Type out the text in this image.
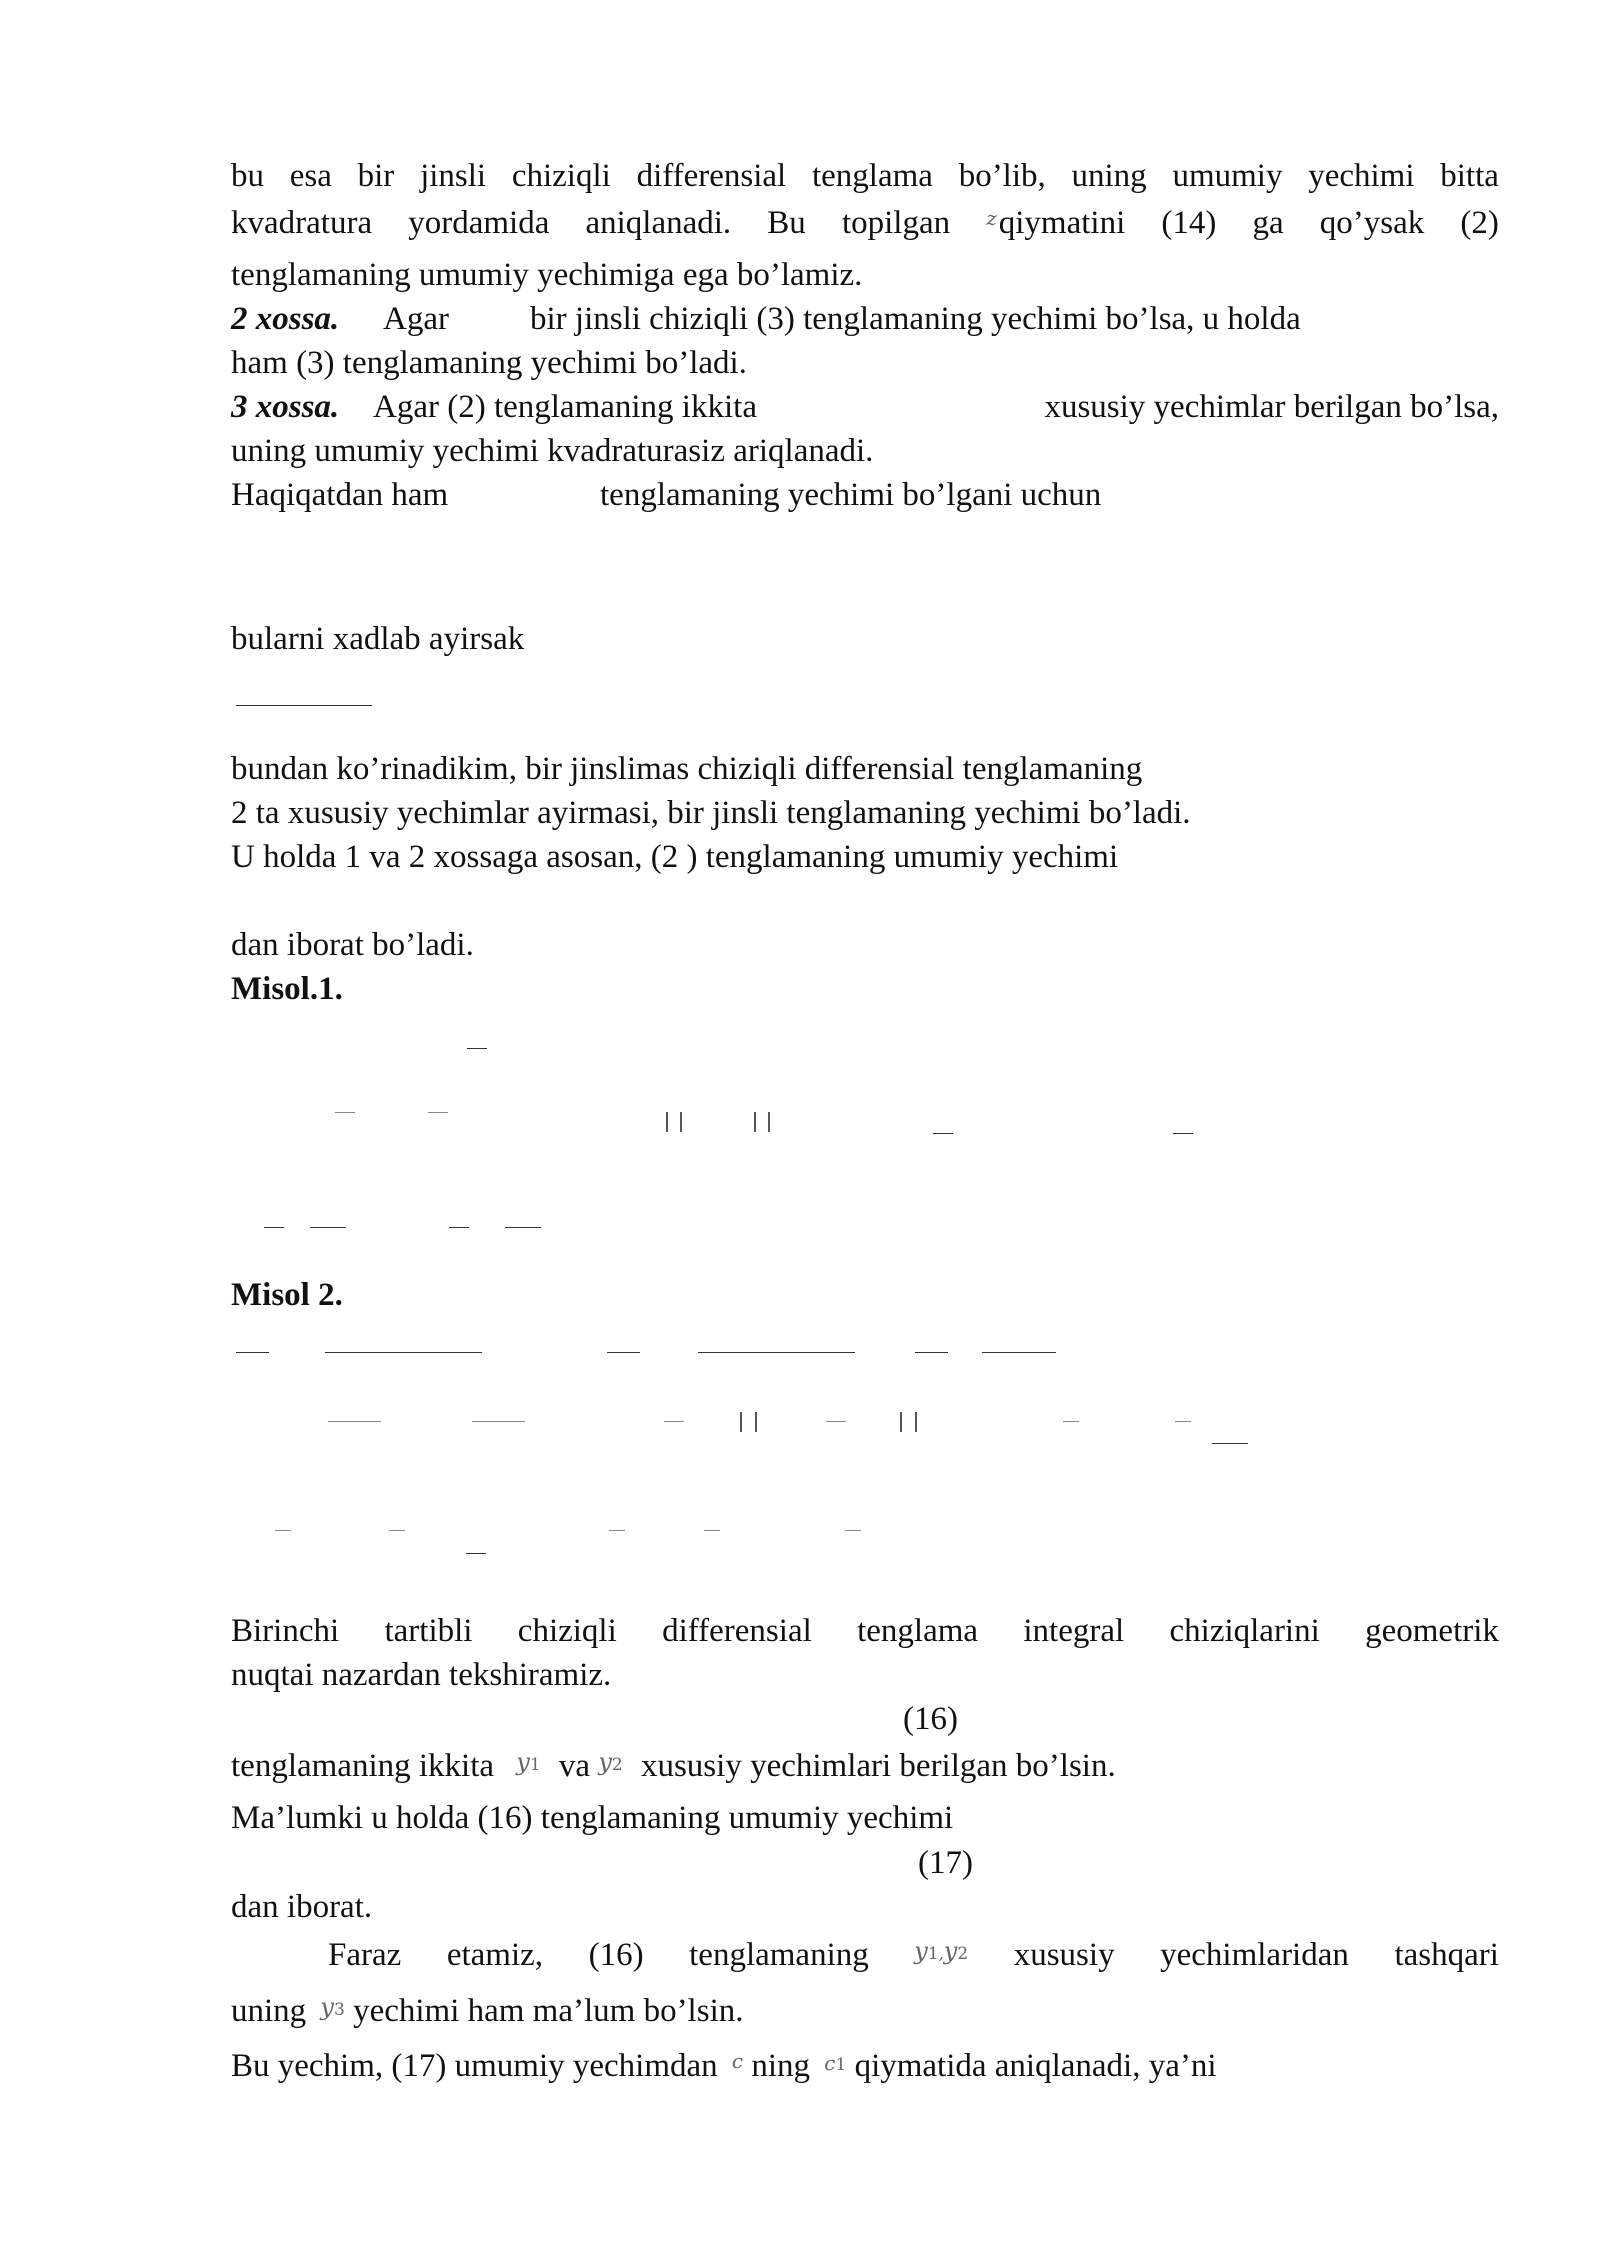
bu esa bir jinsli chiziqli differensial tenglama bo’lib, uning umumiy yechimi bitta
kvadratura yordamida aniqlanadi. Bu topilgan $^z$qiymatini (14) ga qo’ysak (2)
tenglamaning umumiy yechimiga ega bo’lamiz.
2 xossa. Agar bir jinsli chiziqli (3) tenglamaning yechimi bo’lsa, u holda
ham (3) tenglamaning yechimi bo’ladi.
3 xossa. Agar (2) tenglamaning ikkita	xususiy yechimlar berilgan bo’lsa,
uning umumiy yechimi kvadraturasiz ariqlanadi.
Haqiqatdan ham	tenglamaning yechimi bo’lgani uchun
bularni xadlab ayirsak
bundan ko’rinadikim, bir jinslimas chiziqli differensial tenglamaning
2 ta xususiy yechimlar ayirmasi, bir jinsli tenglamaning yechimi bo’ladi.
U holda 1 va 2 xossaga asosan, (2 ) tenglamaning umumiy yechimi
dan iborat bo’ladi.
Misol.1.
Misol 2.
Birinchi tartibli chiziqli differensial tenglama integral chiziqlarini geometrik
nuqtai nazardan tekshiramiz.
(16)
tenglamaning ikkita y1 va y2 xususiy yechimlari berilgan bo’lsin.
Ma’lumki u holda (16) tenglamaning umumiy yechimi
(17)
dan iborat.
Faraz etamiz, (16) tenglamaning y1,y2 xususiy yechimlaridan tashqari
uning y3 yechimi ham ma’lum bo’lsin.
Bu yechim, (17) umumiy yechimdan $^c$ ning c1 qiymatida aniqlanadi, ya’ni
